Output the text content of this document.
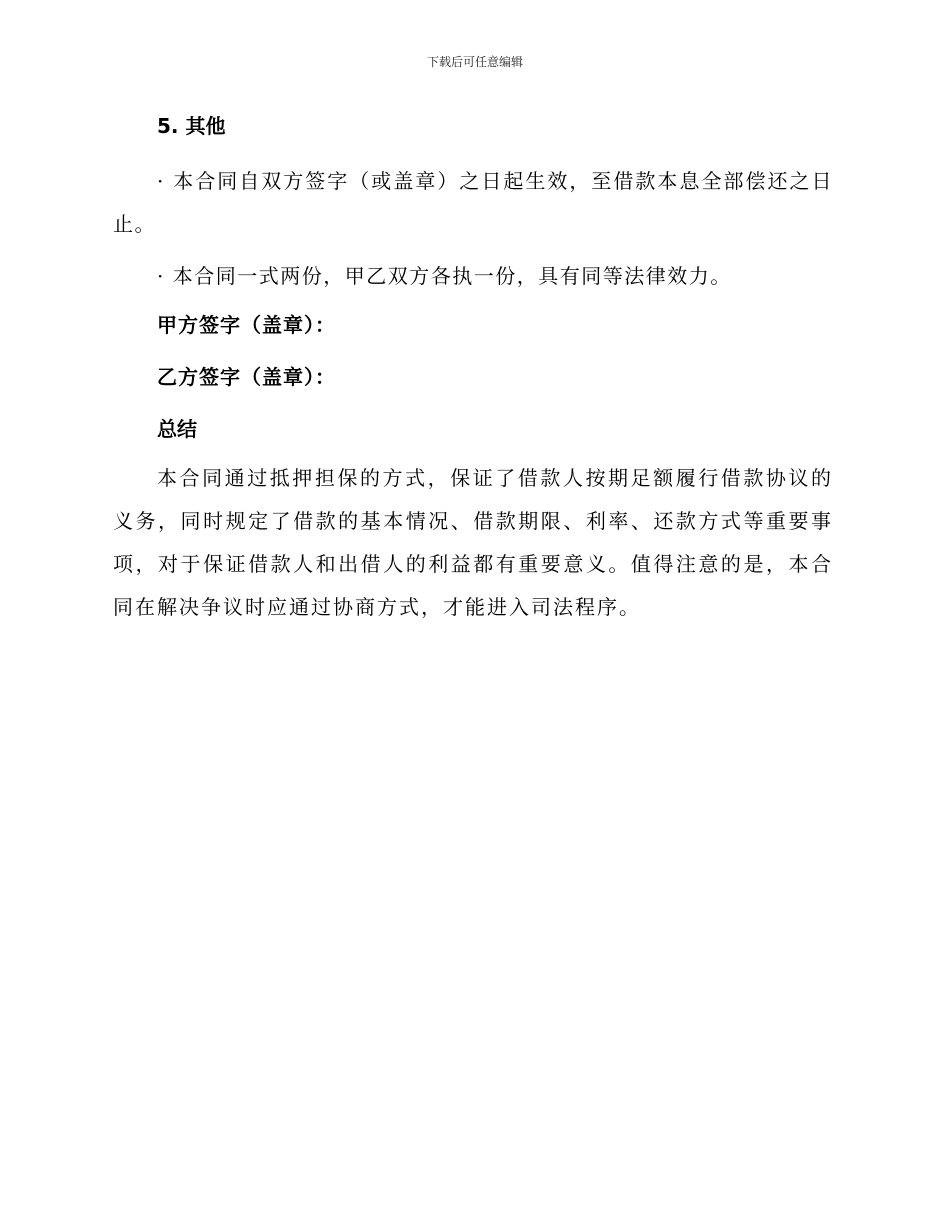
下载后可任意编辑
5. 其他

· 本合同自双方签字（或盖章）之日起生效，至借款本息全部偿还之日止。

· 本合同一式两份，甲乙双方各执一份，具有同等法律效力。

甲方签字（盖章）：
乙方签字（盖章）：
总结

本合同通过抵押担保的方式，保证了借款人按期足额履行借款协议的义务，同时规定了借款的基本情况、借款期限、利率、还款方式等重要事项，对于保证借款人和出借人的利益都有重要意义。值得注意的是，本合同在解决争议时应通过协商方式，才能进入司法程序。
